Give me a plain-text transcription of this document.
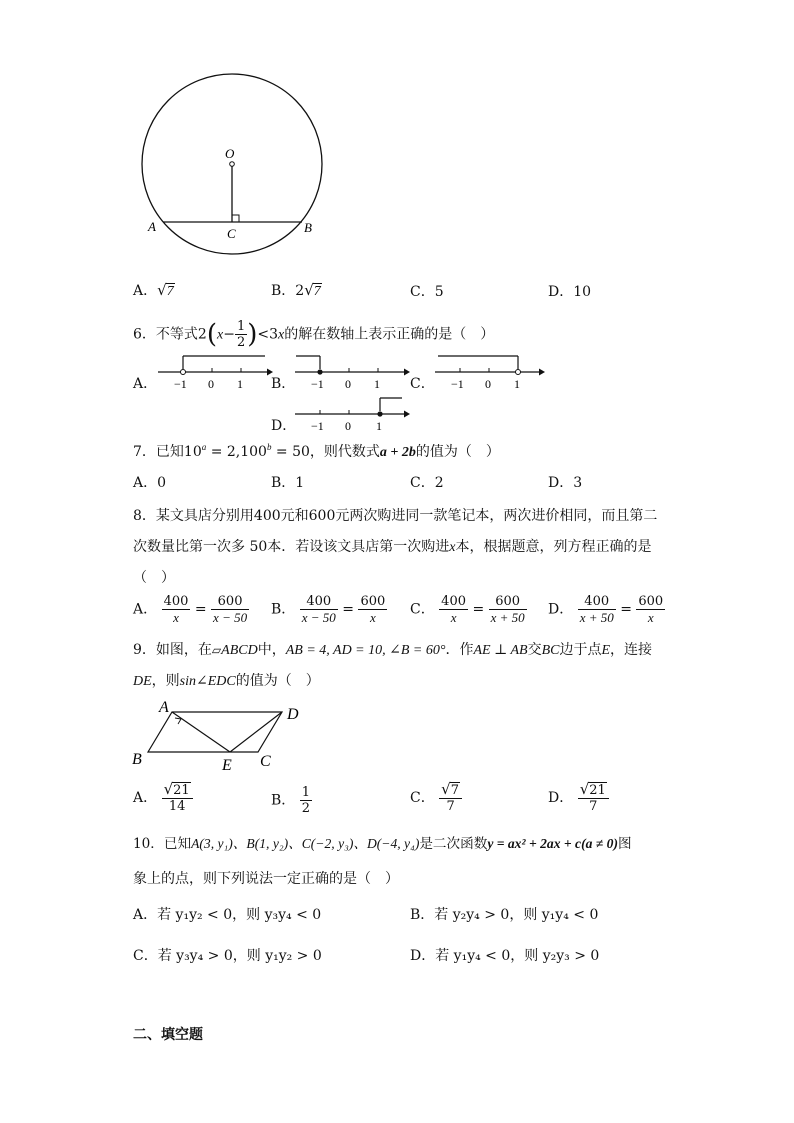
O
A	C	B
A．√7	B．2√7	C．5	D．10
6．不等式$2(x- \frac{1}{2} )<3x$的解在数轴上表示正确的是（　）
A． −1 0 1 B． −1 0 1 C． −1 0 1
D． −1 0 1
7．已知$10^a = 2,100^b = 50$，则代数式a + 2b的值为（　）
A．0	B．1	C．2	D．3
8．某文具店分别用400元和600元两次购进同一款笔记本，两次进价相同，而且第二
次数量比第一次多 50本．若设该文具店第一次购进x本，根据题意，列方程正确的是
（　）
A． $\frac{400}{x} = \frac{600}{x - 50}$ B． $\frac{400}{x - 50} = \frac{600}{x}$ C． $\frac{400}{x} = \frac{600}{x + 50}$ D． $\frac{400}{x + 50} = \frac{600}{x}$
9．如图，在▱ABCD中，AB = 4, AD = 10, ∠B = 60°．作AE ⊥ AB交BC边于点E，连接
DE，则sin∠EDC的值为（　）
A	D
B	E C
A． $\frac{√21}{14}$	B． $\frac{1}{2}$	C． $\frac{√7}{7}$	D． $\frac{√21}{7}$
10．已知A(3, y₁)、B(1, y₂)、C(−2, y₃)、D(−4, y₄)是二次函数y = ax² + 2ax + c(a ≠ 0)图
象上的点，则下列说法一定正确的是（　）
A．若 y₁y₂ < 0，则 y₃y₄ < 0	B．若 y₂y₄ > 0，则 y₁y₄ < 0
C．若 y₃y₄ > 0，则 y₁y₂ > 0	D．若 y₁y₄ < 0，则 y₂y₃ > 0
二、填空题
